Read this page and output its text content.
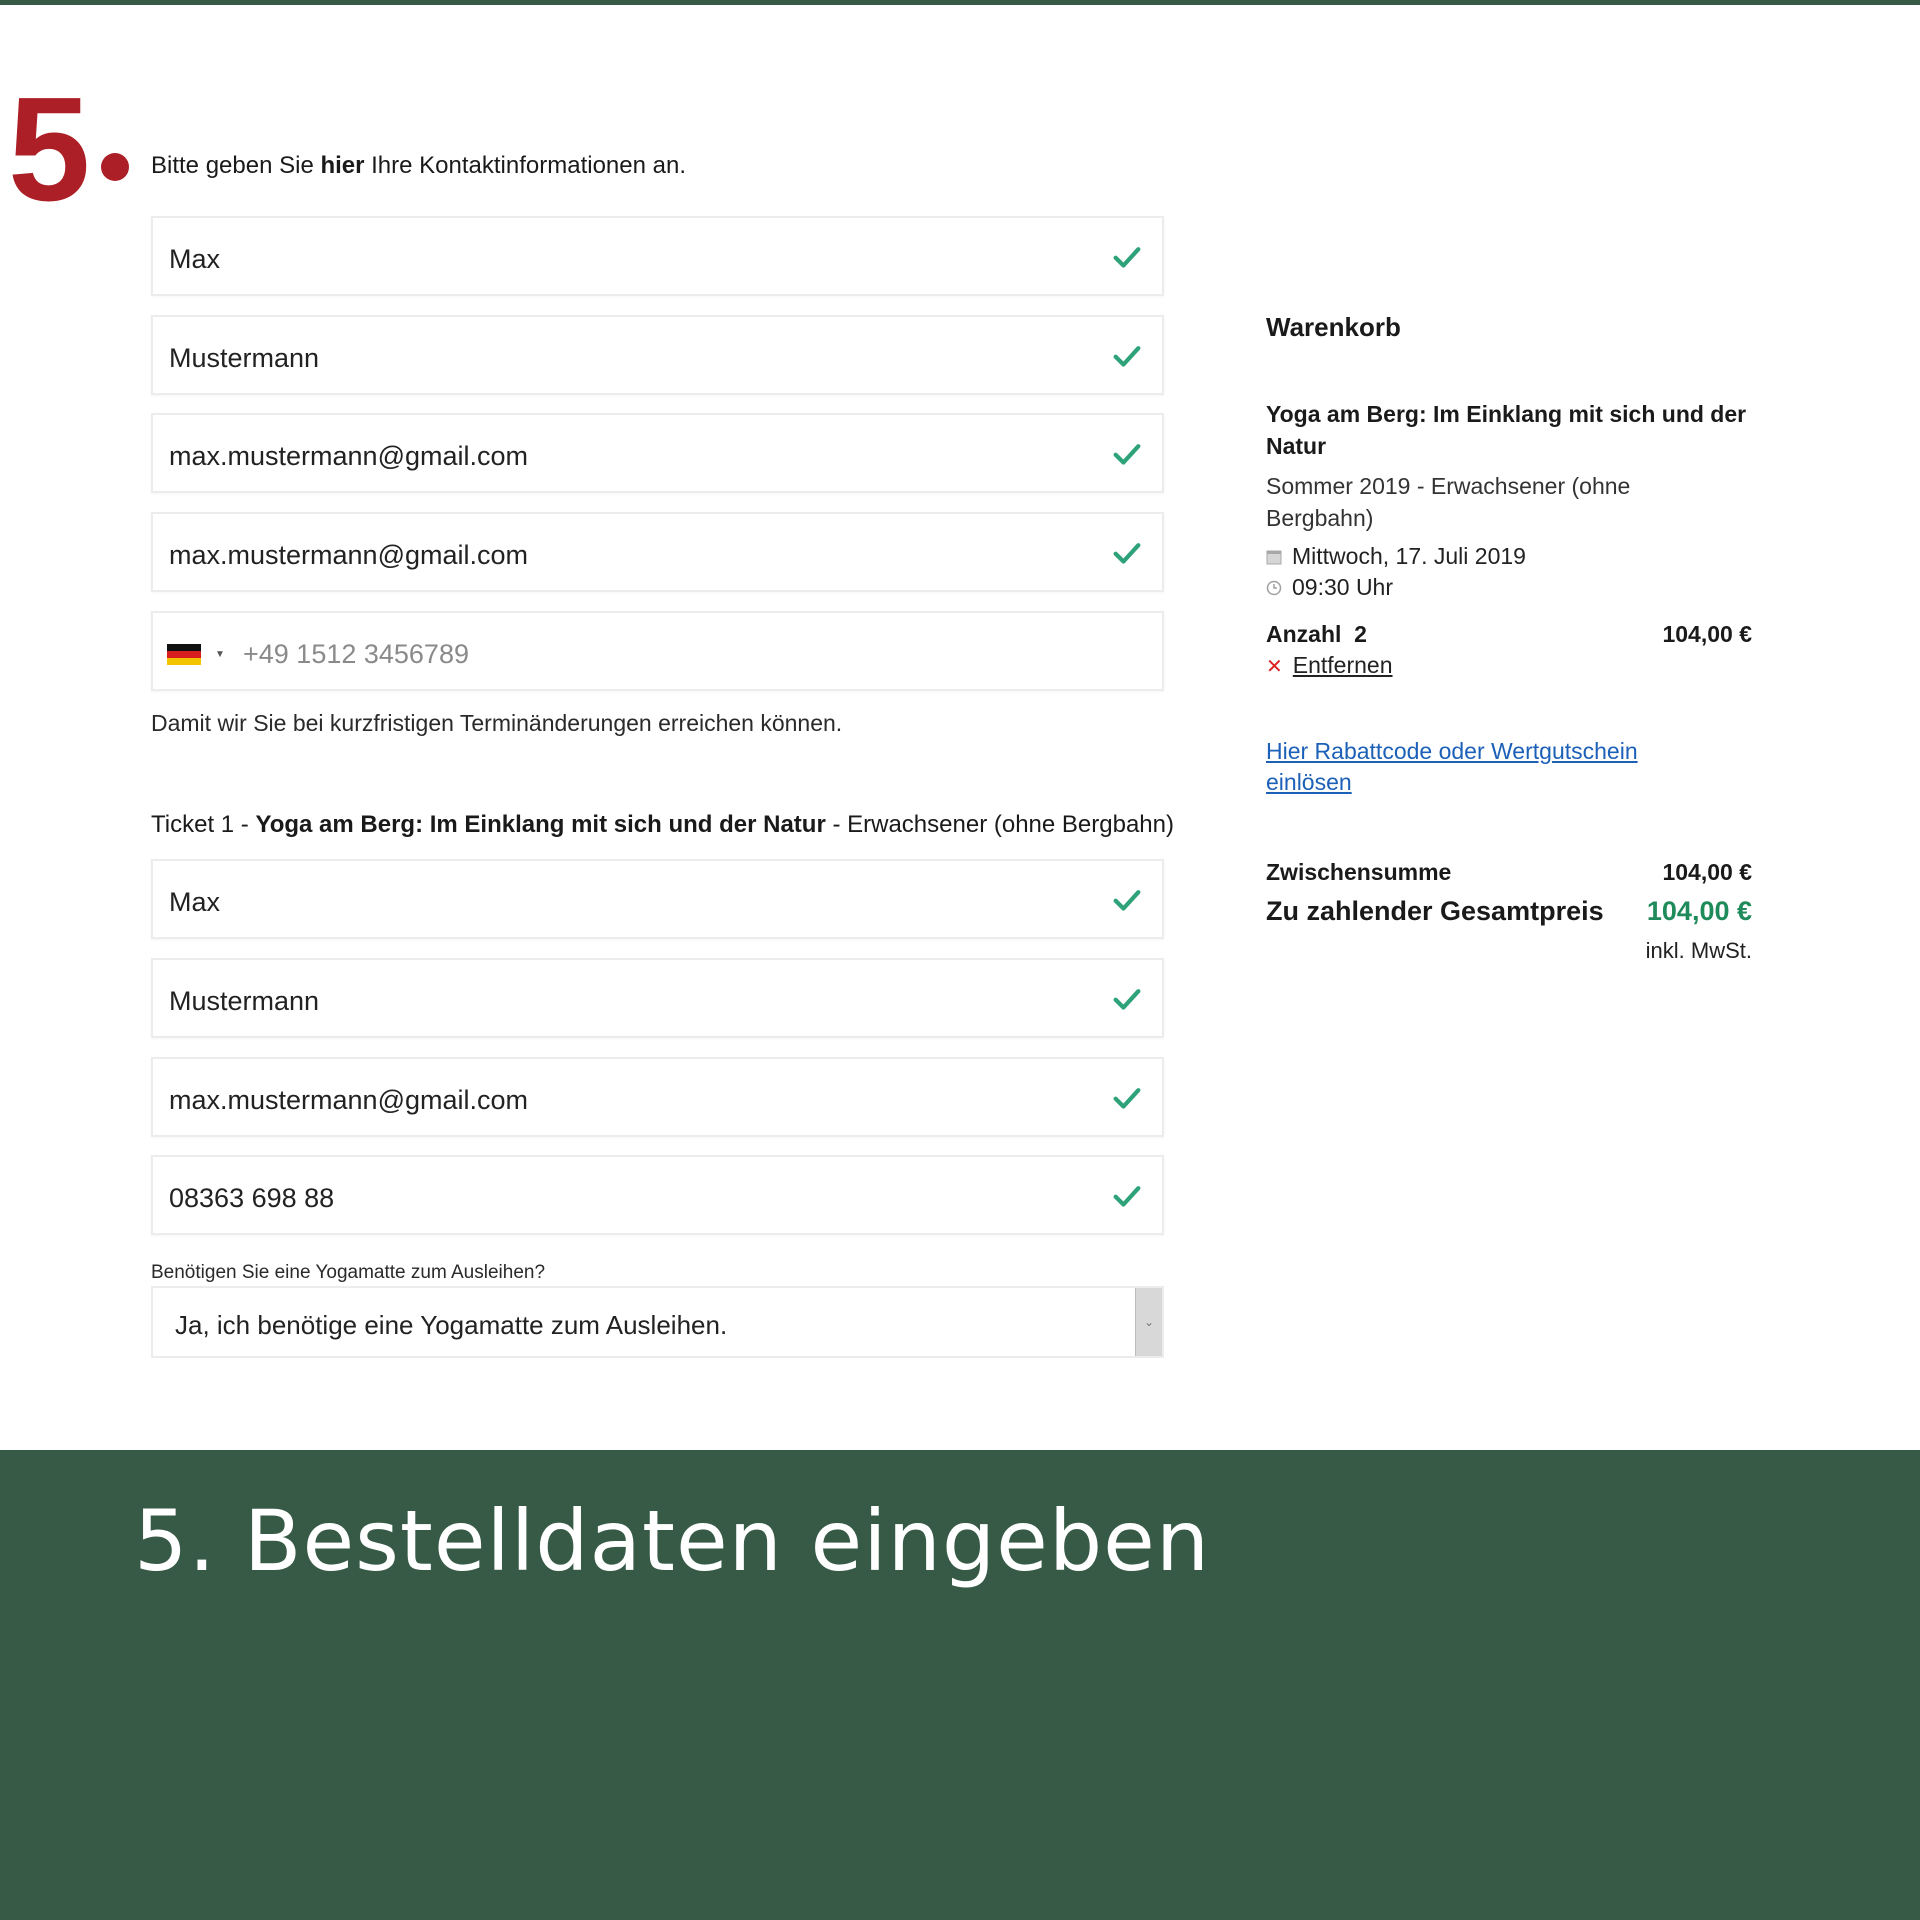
5	Bitte geben Sie hier Ihre Kontaktinformationen an.
Max
Mustermann
max.mustermann@gmail.com
max.mustermann@gmail.com
▼ +49 1512 3456789
Damit wir Sie bei kurzfristigen Terminänderungen erreichen können.
Ticket 1 - Yoga am Berg: Im Einklang mit sich und der Natur - Erwachsener (ohne Bergbahn)
Max
Mustermann
max.mustermann@gmail.com
08363 698 88
Benötigen Sie eine Yogamatte zum Ausleihen?
Ja, ich benötige eine Yogamatte zum Ausleihen.	⌄
Warenkorb
Yoga am Berg: Im Einklang mit sich und der Natur
Sommer 2019 - Erwachsener (ohne Bergbahn)
Mittwoch, 17. Juli 2019
09:30 Uhr
Anzahl  2	104,00 €
✕ Entfernen
Hier Rabattcode oder Wertgutschein einlösen
Zwischensumme	104,00 €
Zu zahlender Gesamtpreis 104,00 €
inkl. MwSt.
5. Bestelldaten eingeben
